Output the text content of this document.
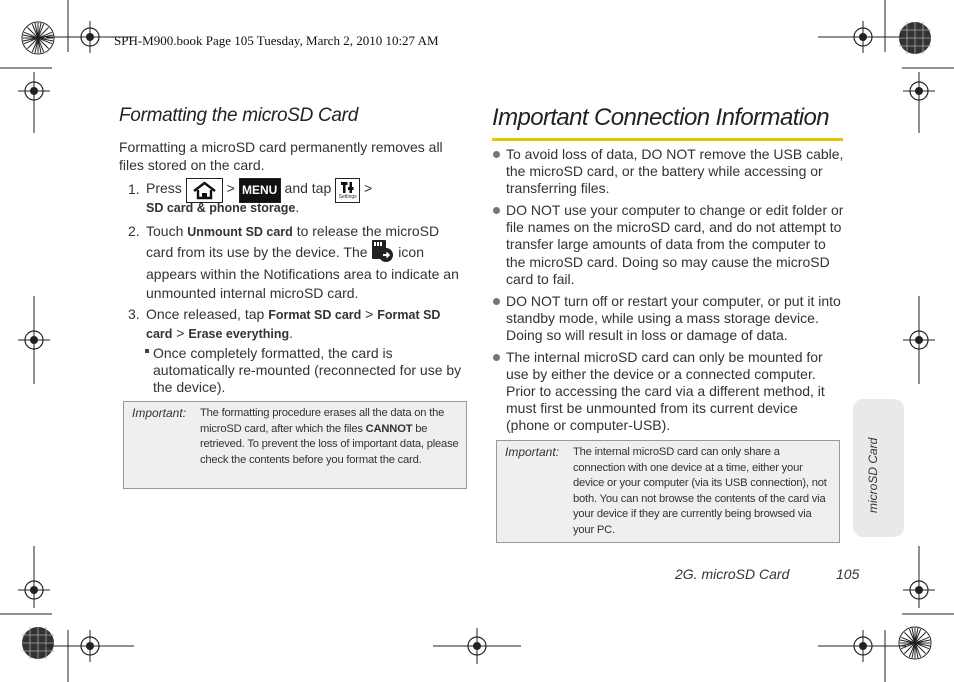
SPH-M900.book Page 105 Tuesday, March 2, 2010 10:27 AM
Formatting the microSD Card
Formatting a microSD card permanently removes all files stored on the card.
1. Press	> MENU and tap
Settings
>
SD card & phone storage.
2. Touch Unmount SD card to release the microSD card from its use by the device. The icon appears within the Notifications area to indicate an unmounted internal microSD card.
3. Once released, tap Format SD card > Format SD card > Erase everything.
Once completely formatted, the card is automatically re-mounted (reconnected for use by the device).
Important: The formatting procedure erases all the data on the microSD card, after which the files CANNOT be retrieved. To prevent the loss of important data, please check the contents before you format the card.
Important Connection Information
To avoid loss of data, DO NOT remove the USB cable, the microSD card, or the battery while accessing or transferring files.
DO NOT use your computer to change or edit folder or file names on the microSD card, and do not attempt to transfer large amounts of data from the computer to the microSD card. Doing so may cause the microSD card to fail.
DO NOT turn off or restart your computer, or put it into standby mode, while using a mass storage device. Doing so will result in loss or damage of data.
The internal microSD card can only be mounted for use by either the device or a connected computer. Prior to accessing the card via a different method, it must first be unmounted from its current device (phone or computer-USB).
Important: The internal microSD card can only share a connection with one device at a time, either your device or your computer (via its USB connection), not both. You can not browse the contents of the card via your device if they are currently being browsed via your PC.
microSD Card
2G. microSD Card	105
